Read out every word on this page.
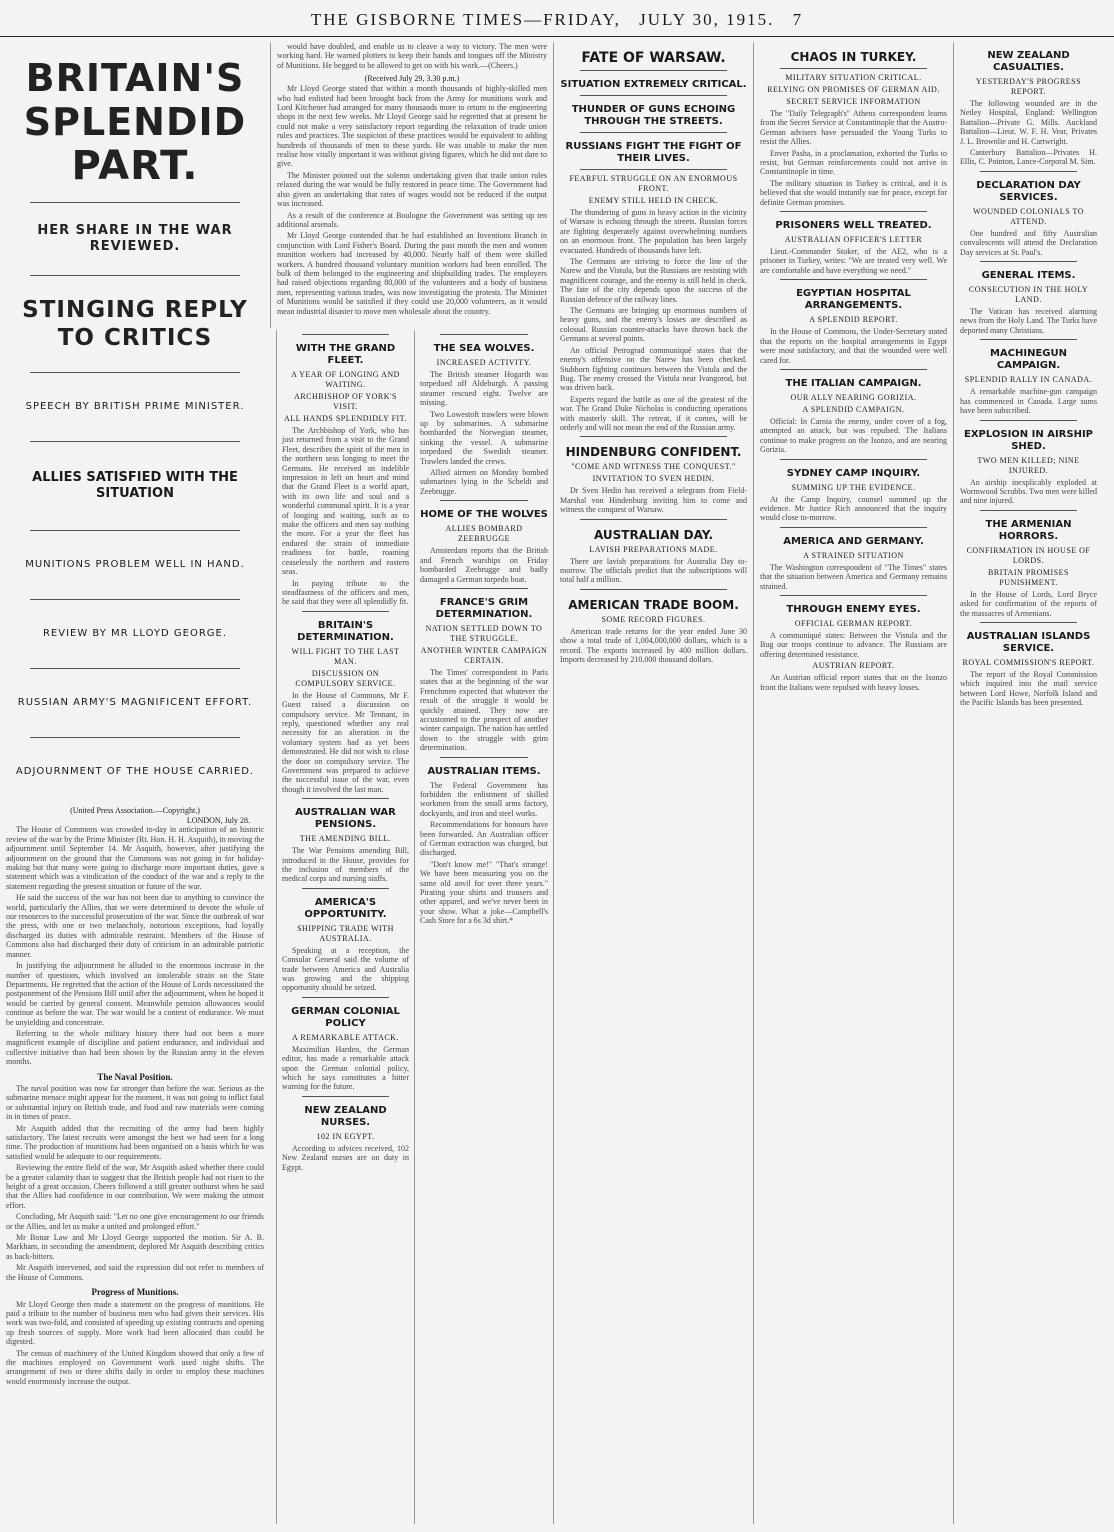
THE GISBORNE TIMES—FRIDAY, JULY 30, 1915. 7
BRITAIN'S SPLENDID
PART.
HER SHARE IN THE WAR REVIEWED.
STINGING REPLY TO CRITICS
SPEECH BY BRITISH PRIME MINISTER.
ALLIES SATISFIED WITH THE SITUATION
MUNITIONS PROBLEM WELL IN HAND.
REVIEW BY MR LLOYD GEORGE.
RUSSIAN ARMY'S MAGNIFICENT EFFORT.
ADJOURNMENT OF THE HOUSE CARRIED.
(United Press Association.—Copyright.)
LONDON, July 28.

The House of Commons was crowded to-day in anticipation of an historic review of the war by the Prime Minister (Rt. Hon. H. H. Asquith), in moving the adjournment until September 14. Mr Asquith, however, after justifying the adjournment on the ground that the Commons was not going in for holiday-making but that many were going to discharge more important duties, gave a statement which was a vindication of the conduct of the war and a reply to the statement regarding the present situation or future of the war.

He said the success of the war has not been due to anything to convince the world, particularly the Allies, that we were determined to devote the whole of our resources to the successful prosecution of the war. Since the outbreak of war the press, with one or two melancholy, notorious exceptions, had loyally discharged its duties with admirable restraint. Members of the House of Commons also had discharged their duty of criticism in an admirable patriotic manner.

In justifying the adjournment he alluded to the enormous increase in the number of questions, which involved an intolerable strain on the State Departments. He regretted that the action of the House of Lords necessitated the postponement of the Pensions Bill until after the adjournment, when he hoped it would be carried by general consent. Meanwhile pension allowances would continue as before the war. The war would be a contest of endurance. We must be unyielding and concentrate.

Referring to the whole military history there had not been a more magnificent example of discipline and patient endurance, and individual and collective initiative than had been shown by the Russian army in the eleven months.

The Naval Position.

The naval position was now far stronger than before the war. Serious as the submarine menace might appear for the moment, it was not going to inflict fatal or substantial injury on British trade, and food and raw materials were coming in in times of peace.

Mr Asquith added that the recruiting of the army had been highly satisfactory. The latest recruits were amongst the best we had seen for a long time. The production of munitions had been organised on a basis which he was satisfied would be adequate to our requirements.

Reviewing the entire field of the war, Mr Asquith asked whether there could be a greater calamity than to suggest that the British people had not risen to the height of a great occasion. Cheers followed a still greater outburst when he said that the Allies had confidence in our contribution. We were making the utmost effort.

Concluding, Mr Asquith said: "Let no one give encouragement to our friends or the Allies, and let us make a united and prolonged effort."

Mr Bonar Law and Mr Lloyd George supported the motion. Sir A. B. Markham, in seconding the amendment, deplored Mr Asquith describing critics as back-bitters.

Mr Asquith intervened, and said the expression did not refer to members of the House of Commons.

Progress of Munitions.

Mr Lloyd George then made a statement on the progress of munitions. He paid a tribute to the number of business men who had given their services. His work was two-fold, and consisted of speeding up existing contracts and opening up fresh sources of supply. More work had been allocated than could be digested.

The census of machinery of the United Kingdom showed that only a few of the machines employed on Government work used night shifts. The arrangement of two or three shifts daily in order to employ these machines would enormously increase the output.

would have doubled, and enable us to cleave a way to victory. The men were working hard. He warned plotters to keep their hands and tongues off the Ministry of Munitions. He begged to be allowed to get on with his work.—(Cheers.)

(Received July 29, 3.30 p.m.)

Mr Lloyd George stated that within a month thousands of highly-skilled men who had enlisted had been brought back from the Army for munitions work and Lord Kitchener had arranged for many thousands more to return to the engineering shops in the next few weeks. Mr Lloyd George said he regretted that at present he could not make a very satisfactory report regarding the relaxation of trade union rules and practices. The suspicion of these practices would be equivalent to adding hundreds of thousands of men to these yards. He was unable to make the men realise how vitally important it was without giving figures, which he did not dare to give.

The Minister pointed out the solemn undertaking given that trade union rules relaxed during the war would be fully restored in peace time. The Government had also given an undertaking that rates of wages would not be reduced if the output was increased.

As a result of the conference at Boulogne the Government was setting up ten additional arsenals.

Mr Lloyd George contended that he had established an Inventions Branch in conjunction with Lord Fisher's Board. During the past month the men and women munition workers had increased by 40,000. Nearly half of them were skilled workers. A hundred thousand voluntary munition workers had been enrolled. The bulk of them belonged to the engineering and shipbuilding trades. The employers had raised objections regarding 80,000 of the volunteers and a body of business men, representing various trades, was now investigating the protests. The Minister of Munitions would be satisfied if they could use 20,000 volunteers, as it would mean industrial disaster to move men wholesale about the country.

WITH THE GRAND FLEET.
A YEAR OF LONGING AND WAITING.
ARCHBISHOP OF YORK'S VISIT.
ALL HANDS SPLENDIDLY FIT.

The Archbishop of York, who has just returned from a visit to the Grand Fleet, describes the spirit of the men in the northern seas longing to meet the Germans. He received an indelible impression in left on heart and mind that the Grand Fleet is a world apart, with its own life and soul and a wonderful communal spirit. It is a year of longing and waiting, such as to make the officers and men say nothing the more. For a year the fleet has endured the strain of immediate readiness for battle, roaming ceaselessly the northern and eastern seas.

In paying tribute to the steadfastness of the officers and men, he said that they were all splendidly fit.

BRITAIN'S DETERMINATION.
WILL FIGHT TO THE LAST MAN.
DISCUSSION ON COMPULSORY SERVICE.

In the House of Commons, Mr F. Guest raised a discussion on compulsory service. Mr Tennant, in reply, questioned whether any real necessity for an alteration in the voluntary system had as yet been demonstrated. He did not wish to close the door on compulsory service. The Government was prepared to achieve the successful issue of the war, even though it involved the last man.

AUSTRALIAN WAR PENSIONS.
THE AMENDING BILL.

The War Pensions amending Bill, introduced in the House, provides for the inclusion of members of the medical corps and nursing staffs.

AMERICA'S OPPORTUNITY.
SHIPPING TRADE WITH AUSTRALIA.

Speaking at a reception, the Consular General said the volume of trade between America and Australia was growing and the shipping opportunity should be seized.

GERMAN COLONIAL POLICY
A REMARKABLE ATTACK.

Maximilian Harden, the German editor, has made a remarkable attack upon the German colonial policy, which he says constitutes a bitter warning for the future.

NEW ZEALAND NURSES.
102 IN EGYPT.

According to advices received, 102 New Zealand nurses are on duty in Egypt.

THE SEA WOLVES.
INCREASED ACTIVITY.

The British steamer Hogarth was torpedoed off Aldeburgh. A passing steamer rescued eight. Twelve are missing.

Two Lowestoft trawlers were blown up by submarines. A submarine bombarded the Norwegian steamer, sinking the vessel. A submarine torpedoed the Swedish steamer. Trawlers landed the crews.

Allied airmen on Monday bombed submarines lying in the Scheldt and Zeebrugge.

HOME OF THE WOLVES
ALLIES BOMBARD ZEEBRUGGE

Amsterdam reports that the British and French warships on Friday bombarded Zeebrugge and badly damaged a German torpedo boat.

FRANCE'S GRIM DETERMINATION.
NATION SETTLED DOWN TO THE STRUGGLE.
ANOTHER WINTER CAMPAIGN CERTAIN.

The Times' correspondent in Paris states that at the beginning of the war Frenchmen expected that whatever the result of the struggle it would be quickly attained. They now are accustomed to the prospect of another winter campaign. The nation has settled down to the struggle with grim determination.

AUSTRALIAN ITEMS.

The Federal Government has forbidden the enlistment of skilled workmen from the small arms factory, dockyards, and iron and steel works.

Recommendations for honours have been forwarded. An Australian officer of German extraction was charged, but discharged.

"Don't know me!" "That's strange! We have been measuring you on the same old anvil for over three years." Pirating your shirts and trousers and other apparel, and we've never been in your show. What a joke—Campbell's Cash Store for a 6s 3d shirt.*

FATE OF WARSAW.
SITUATION EXTREMELY CRITICAL.
THUNDER OF GUNS ECHOING THROUGH THE STREETS.
RUSSIANS FIGHT THE FIGHT OF THEIR LIVES.
FEARFUL STRUGGLE ON AN ENORMOUS FRONT.
ENEMY STILL HELD IN CHECK.

The thundering of guns in heavy action in the vicinity of Warsaw is echoing through the streets. Russian forces are fighting desperately against overwhelming numbers on an enormous front. The population has been largely evacuated. Hundreds of thousands have left.

The Germans are striving to force the line of the Narew and the Vistula, but the Russians are resisting with magnificent courage, and the enemy is still held in check. The fate of the city depends upon the success of the Russian defence of the railway lines.

The Germans are bringing up enormous numbers of heavy guns, and the enemy's losses are described as colossal. Russian counter-attacks have thrown back the Germans at several points.

An official Petrograd communiqué states that the enemy's offensive on the Narew has been checked. Stubborn fighting continues between the Vistula and the Bug. The enemy crossed the Vistula near Ivangorod, but was driven back.

Experts regard the battle as one of the greatest of the war. The Grand Duke Nicholas is conducting operations with masterly skill. The retreat, if it comes, will be orderly and will not mean the end of the Russian army.

HINDENBURG CONFIDENT.
"COME AND WITNESS THE CONQUEST."
INVITATION TO SVEN HEDIN.

Dr Sven Hedin has received a telegram from Field-Marshal von Hindenburg inviting him to come and witness the conquest of Warsaw.

AUSTRALIAN DAY.
LAVISH PREPARATIONS MADE.

There are lavish preparations for Australia Day to-morrow. The officials predict that the subscriptions will total half a million.

AMERICAN TRADE BOOM.
SOME RECORD FIGURES.

American trade returns for the year ended June 30 show a total trade of 1,004,000,000 dollars, which is a record. The exports increased by 400 million dollars. Imports decreased by 210,000 thousand dollars.

CHAOS IN TURKEY.
MILITARY SITUATION CRITICAL.
RELYING ON PROMISES OF GERMAN AID.
SECRET SERVICE INFORMATION

The "Daily Telegraph's" Athens correspondent learns from the Secret Service at Constantinople that the Austro-German advisers have persuaded the Young Turks to resist the Allies.

Enver Pasha, in a proclamation, exhorted the Turks to resist, but German reinforcements could not arrive in Constantinople in time.

The military situation in Turkey is critical, and it is believed that she would instantly sue for peace, except for definite German promises.

PRISONERS WELL TREATED.
AUSTRALIAN OFFICER'S LETTER

Lieut.-Commander Stoker, of the AE2, who is a prisoner in Turkey, writes: "We are treated very well. We are comfortable and have everything we need."

EGYPTIAN HOSPITAL ARRANGEMENTS.
A SPLENDID REPORT.

In the House of Commons, the Under-Secretary stated that the reports on the hospital arrangements in Egypt were most satisfactory, and that the wounded were well cared for.

THE ITALIAN CAMPAIGN.
OUR ALLY NEARING GORIZIA.
A SPLENDID CAMPAIGN.

Official: In Carnia the enemy, under cover of a fog, attempted an attack, but was repulsed. The Italians continue to make progress on the Isonzo, and are nearing Gorizia.

SYDNEY CAMP INQUIRY.
SUMMING UP THE EVIDENCE.

At the Camp Inquiry, counsel summed up the evidence. Mr Justice Rich announced that the inquiry would close to-morrow.

AMERICA AND GERMANY.
A STRAINED SITUATION

The Washington correspondent of "The Times" states that the situation between America and Germany remains strained.

THROUGH ENEMY EYES.
OFFICIAL GERMAN REPORT.

A communiqué states: Between the Vistula and the Bug our troops continue to advance. The Russians are offering determined resistance.

AUSTRIAN REPORT.

An Austrian official report states that on the Isonzo front the Italians were repulsed with heavy losses.

NEW ZEALAND CASUALTIES.
YESTERDAY'S PROGRESS REPORT.

The following wounded are in the Netley Hospital, England: Wellington Battalion—Private G. Mills. Auckland Battalion—Lieut. W. F. H. Vear, Privates J. L. Brownlie and H. Cartwright.

Canterbury Battalion—Privates H. Ellis, C. Pointon, Lance-Corporal M. Sim.

DECLARATION DAY SERVICES.
WOUNDED COLONIALS TO ATTEND.

One hundred and fifty Australian convalescents will attend the Declaration Day services at St. Paul's.

GENERAL ITEMS.
CONSECUTION IN THE HOLY LAND.

The Vatican has received alarming news from the Holy Land. The Turks have deported many Christians.

MACHINEGUN CAMPAIGN.
SPLENDID RALLY IN CANADA.

A remarkable machine-gun campaign has commenced in Canada. Large sums have been subscribed.

EXPLOSION IN AIRSHIP SHED.
TWO MEN KILLED; NINE INJURED.

An airship inexplicably exploded at Wormwood Scrubbs. Two men were killed and nine injured.

THE ARMENIAN HORRORS.
CONFIRMATION IN HOUSE OF LORDS.
BRITAIN PROMISES PUNISHMENT.

In the House of Lords, Lord Bryce asked for confirmation of the reports of the massacres of Armenians.

AUSTRALIAN ISLANDS SERVICE.
ROYAL COMMISSION'S REPORT.

The report of the Royal Commission which inquired into the mail service between Lord Howe, Norfolk Island and the Pacific Islands has been presented.
